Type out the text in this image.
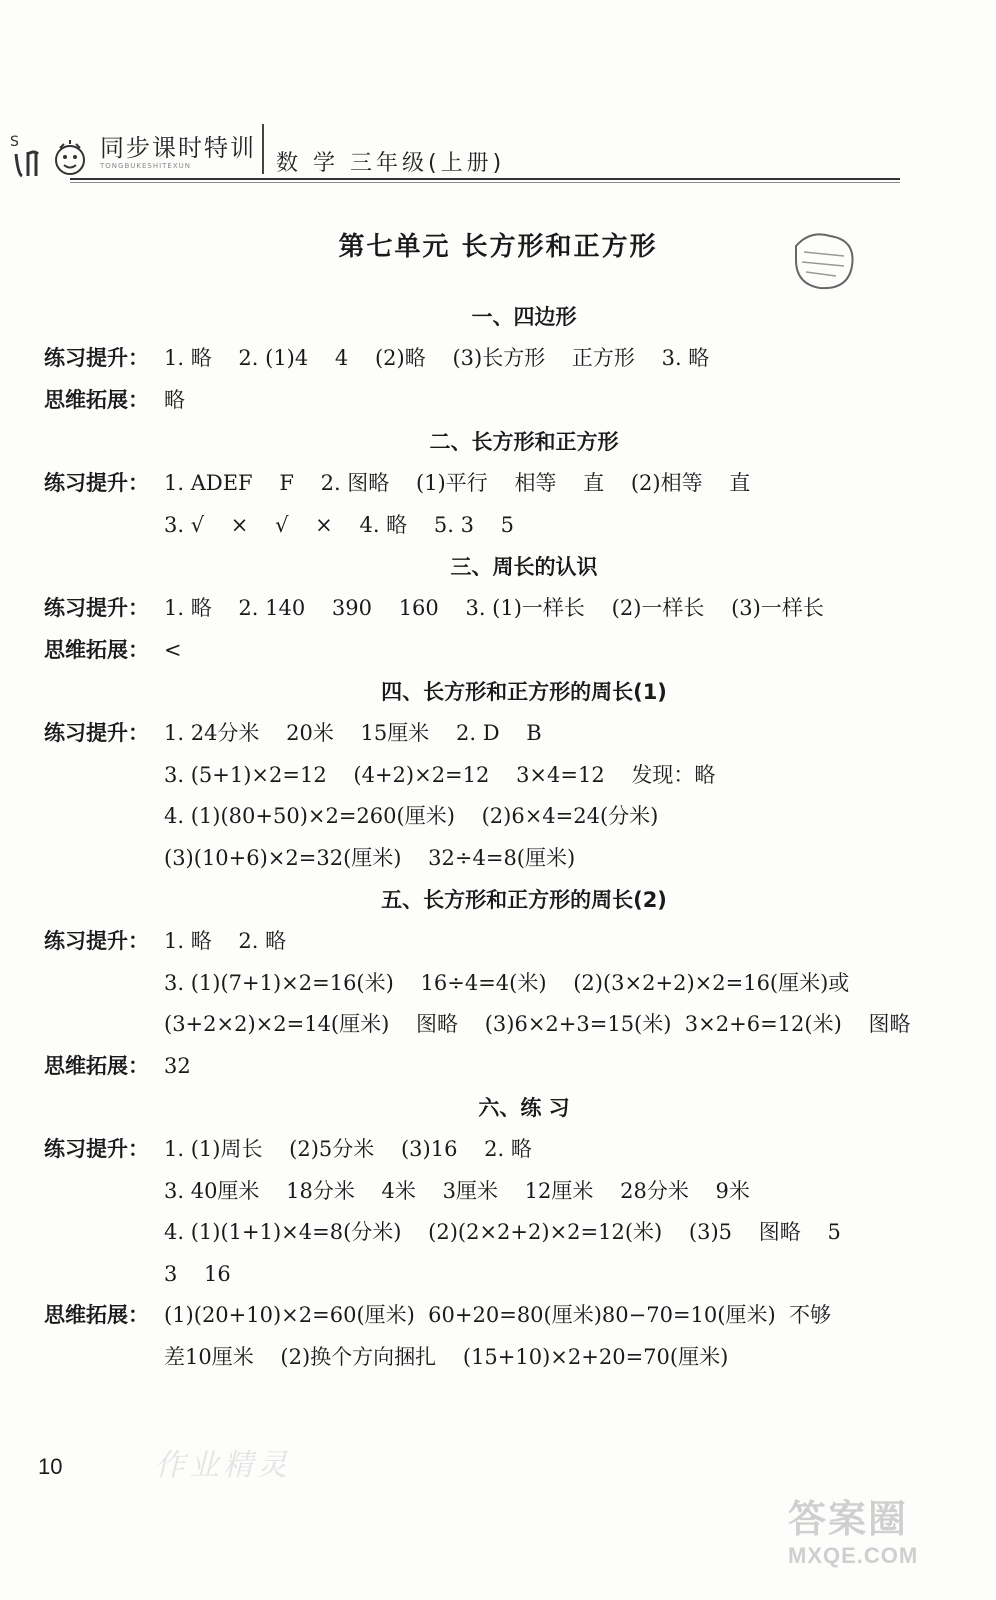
S	同步课时特训
TONGBUKESHITEXUN	数 学 三年级(上册)
第七单元 长方形和正方形
一、四边形
练习提升： 1. 略    2. (1)4    4    (2)略    (3)长方形    正方形    3. 略
思维拓展： 略
二、长方形和正方形
练习提升： 1. ADEF    F    2. 图略    (1)平行    相等    直    (2)相等    直
3. √    ×    √    ×    4. 略    5. 3    5
三、周长的认识
练习提升： 1. 略    2. 140    390    160    3. (1)一样长    (2)一样长    (3)一样长
思维拓展： <
四、长方形和正方形的周长(1)
练习提升： 1. 24分米    20米    15厘米    2. D    B
3. (5+1)×2=12    (4+2)×2=12    3×4=12    发现：略
4. (1)(80+50)×2=260(厘米)    (2)6×4=24(分米)
(3)(10+6)×2=32(厘米)    32÷4=8(厘米)
五、长方形和正方形的周长(2)
练习提升： 1. 略    2. 略
3. (1)(7+1)×2=16(米)    16÷4=4(米)    (2)(3×2+2)×2=16(厘米)或
(3+2×2)×2=14(厘米)    图略    (3)6×2+3=15(米)  3×2+6=12(米)    图略
思维拓展： 32
六、练 习
练习提升： 1. (1)周长    (2)5分米    (3)16    2. 略
3. 40厘米    18分米    4米    3厘米    12厘米    28分米    9米
4. (1)(1+1)×4=8(分米)    (2)(2×2+2)×2=12(米)    (3)5    图略    5
3    16
思维拓展： (1)(20+10)×2=60(厘米)  60+20=80(厘米)80−70=10(厘米)  不够
差10厘米    (2)换个方向捆扎    (15+10)×2+20=70(厘米)
10	作业精灵
答案圈
MXQE.COM
